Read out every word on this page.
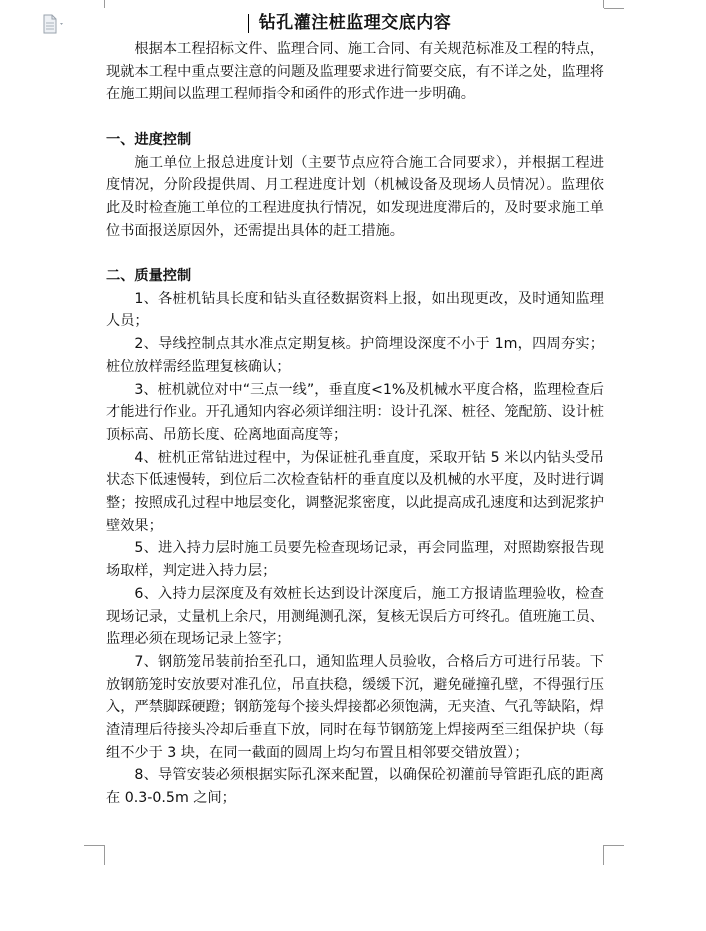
钻孔灌注桩监理交底内容

根据本工程招标文件、监理合同、施工合同、有关规范标准及工程的特点，现就本工程中重点要注意的问题及监理要求进行简要交底，有不详之处，监理将在施工期间以监理工程师指令和函件的形式作进一步明确。

一、进度控制

施工单位上报总进度计划（主要节点应符合施工合同要求），并根据工程进度情况，分阶段提供周、月工程进度计划（机械设备及现场人员情况）。监理依此及时检查施工单位的工程进度执行情况，如发现进度滞后的，及时要求施工单位书面报送原因外，还需提出具体的赶工措施。

二、质量控制

1、各桩机钻具长度和钻头直径数据资料上报，如出现更改，及时通知监理人员；

2、导线控制点其水准点定期复核。护筒埋设深度不小于 1m，四周夯实；桩位放样需经监理复核确认；

3、桩机就位对中“三点一线”，垂直度<1%及机械水平度合格，监理检查后才能进行作业。开孔通知内容必须详细注明：设计孔深、桩径、笼配筋、设计桩顶标高、吊筋长度、砼离地面高度等；

4、桩机正常钻进过程中，为保证桩孔垂直度，采取开钻 5 米以内钻头受吊状态下低速慢转，到位后二次检查钻杆的垂直度以及机械的水平度，及时进行调整；按照成孔过程中地层变化，调整泥浆密度，以此提高成孔速度和达到泥浆护壁效果；

5、进入持力层时施工员要先检查现场记录，再会同监理，对照勘察报告现场取样，判定进入持力层；

6、入持力层深度及有效桩长达到设计深度后，施工方报请监理验收，检查现场记录，丈量机上余尺，用测绳测孔深，复核无误后方可终孔。值班施工员、监理必须在现场记录上签字；

7、钢筋笼吊装前抬至孔口，通知监理人员验收，合格后方可进行吊装。下放钢筋笼时安放要对准孔位，吊直扶稳，缓缓下沉，避免碰撞孔壁，不得强行压入，严禁脚踩硬蹬；钢筋笼每个接头焊接都必须饱满，无夹渣、气孔等缺陷，焊渣清理后待接头冷却后垂直下放，同时在每节钢筋笼上焊接两至三组保护块（每组不少于 3 块，在同一截面的圆周上均匀布置且相邻要交错放置）；

8、导管安装必须根据实际孔深来配置，以确保砼初灌前导管距孔底的距离在 0.3-0.5m 之间；
